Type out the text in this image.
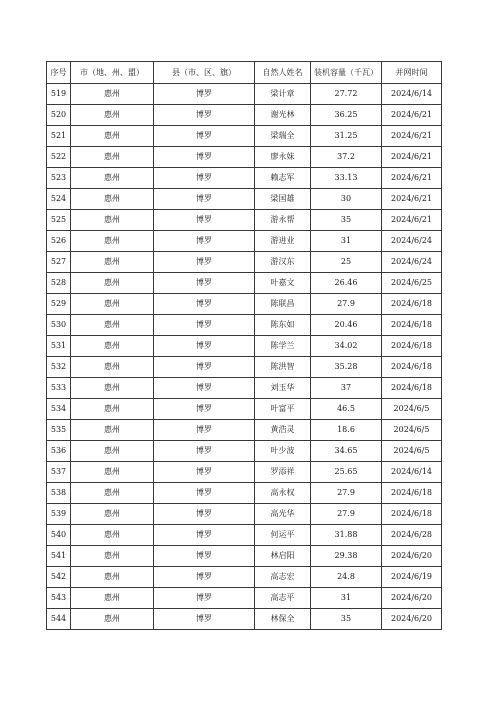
序号	市（地、州、盟）	县（市、区、旗）	自然人姓名	装机容量（千瓦）	并网时间
519	惠州	博罗	梁计章	27.72	2024/6/14
520	惠州	博罗	谢光林	36.25	2024/6/21
521	惠州	博罗	梁瑞全	31.25	2024/6/21
522	惠州	博罗	廖永妹	37.2	2024/6/21
523	惠州	博罗	赖志军	33.13	2024/6/21
524	惠州	博罗	梁国雄	30	2024/6/21
525	惠州	博罗	游永帮	35	2024/6/21
526	惠州	博罗	游进业	31	2024/6/24
527	惠州	博罗	游汉东	25	2024/6/24
528	惠州	博罗	叶嘉文	26.46	2024/6/25
529	惠州	博罗	陈联昌	27.9	2024/6/18
530	惠州	博罗	陈东如	20.46	2024/6/18
531	惠州	博罗	陈学兰	34.02	2024/6/18
532	惠州	博罗	陈洪智	35.28	2024/6/18
533	惠州	博罗	刘玉华	37	2024/6/18
534	惠州	博罗	叶富平	46.5	2024/6/5
535	惠州	博罗	黄浩灵	18.6	2024/6/5
536	惠州	博罗	叶少波	34.65	2024/6/5
537	惠州	博罗	罗添祥	25.65	2024/6/14
538	惠州	博罗	高永权	27.9	2024/6/18
539	惠州	博罗	高光华	27.9	2024/6/18
540	惠州	博罗	何运平	31.88	2024/6/28
541	惠州	博罗	林启阳	29.38	2024/6/20
542	惠州	博罗	高志宏	24.8	2024/6/19
543	惠州	博罗	高志平	31	2024/6/20
544	惠州	博罗	林保全	35	2024/6/20
